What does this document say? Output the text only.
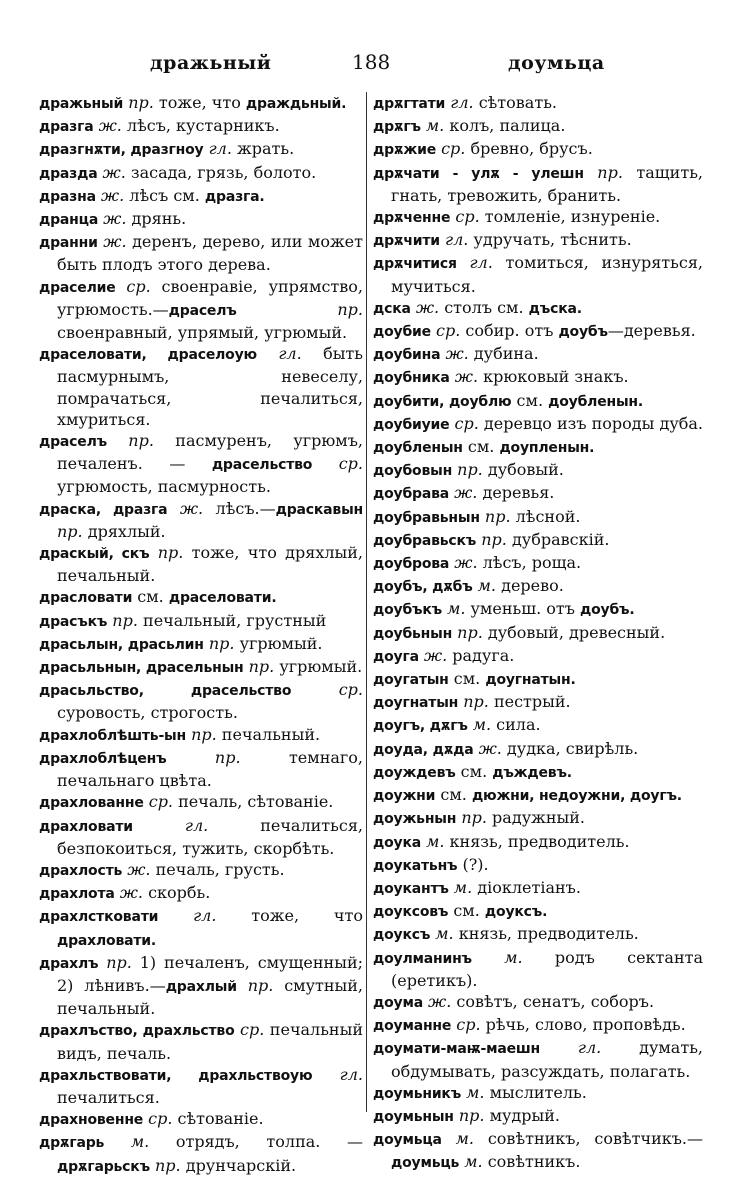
дражьный	188	доумьца
дражьный пр. тоже, что драждьный.
дразга ж. лѣсъ, кустарникъ.
дразгнѫти, дразгноу гл. жрать.
дразда ж. засада, грязь, болото.
дразна ж. лѣсъ см. дразга.
дранца ж. дрянь.
дранни ж. деренъ, дерево, или может быть плодъ этого дерева.
драселие ср. своенравіе, упрямство, угрюмость.—драселъ пр. своенравный, упрямый, угрюмый.
драселовати, драселоую гл. быть пасмурнымъ, невеселу, помрачаться, печалиться, хмуриться.
драселъ пр. пасмуренъ, угрюмъ, печаленъ. — драсельство ср. угрюмость, пасмурность.
драска, дразга ж. лѣсъ.—драскавын пр. дряхлый.
драскый, скъ пр. тоже, что дряхлый, печальный.
драсловати см. драселовати.
драсъкъ пр. печальный, грустный
драсьлын, драсьлин пр. угрюмый.
драсьльнын, драсельнын пр. угрюмый.
драсьльство, драсельство ср. суровость, строгость.
драхлоблѣшть-ын пр. печальный.
драхлоблѣценъ пр. темнаго, печальнаго цвѣта.
драхлованне ср. печаль, сѣтованіе.
драхловати гл. печалиться, безпокоиться, тужить, скорбѣть.
драхлость ж. печаль, грусть.
драхлота ж. скорбь.
драхлстковати гл. тоже, что драхловати.
драхлъ пр. 1) печаленъ, смущенный; 2) лѣнивъ.—драхлый пр. смутный, печальный.
драхлъство, драхльство ср. печальный видъ, печаль.
драхльствовати, драхльствоую гл. печалиться.
драхновенне ср. сѣтованіе.
дрѫгарь м. отрядъ, толпа. — дрѫгарьскъ пр. друнчарскій.
дрѫгтати гл. сѣтовать.
дрѫгъ м. колъ, палица.
дрѫжие ср. бревно, брусъ.
дрѫчати - улѫ - улешн пр. тащить, гнать, тревожить, бранить.
дрѫченне ср. томленіе, изнуреніе.
дрѫчити гл. удручать, тѣснить.
дрѫчитися гл. томиться, изнуряться, мучиться.
дска ж. столъ см. дъска.
доубие ср. собир. отъ доубъ—деревья.
доубина ж. дубина.
доубника ж. крюковый знакъ.
доубити, доублю см. доубленын.
доубиуие ср. деревцо изъ породы дуба.
доубленын см. доупленын.
доубовын пр. дубовый.
доубрава ж. деревья.
доубравьнын пр. лѣсной.
доубравьскъ пр. дубравскій.
доуброва ж. лѣсъ, роща.
доубъ, дѫбъ м. дерево.
доубъкъ м. уменьш. отъ доубъ.
доубьнын пр. дубовый, древесный.
доуга ж. радуга.
доугатын см. доугнатын.
доугнатын пр. пестрый.
доугъ, дѫгъ м. сила.
доуда, дѫда ж. дудка, свирѣль.
доуждевъ см. дъждевъ.
доужни см. дюжни, недоужни, доугъ.
доужьнын пр. радужный.
доука м. князь, предводитель.
доукатьнъ (?).
доукантъ м. діоклетіанъ.
доуксовъ см. доуксъ.
доуксъ м. князь, предводитель.
доулманинъ м. родъ сектанта (еретикъ).
доума ж. совѣтъ, сенатъ, соборъ.
доуманне ср. рѣчь, слово, проповѣдь.
доумати-маѭ-маешн гл. думать, обдумывать, разсуждать, полагать.
доумьникъ м. мыслитель.
доумьнын пр. мудрый.
доумьца м. совѣтникъ, совѣтчикъ.—доумьць м. совѣтникъ.
